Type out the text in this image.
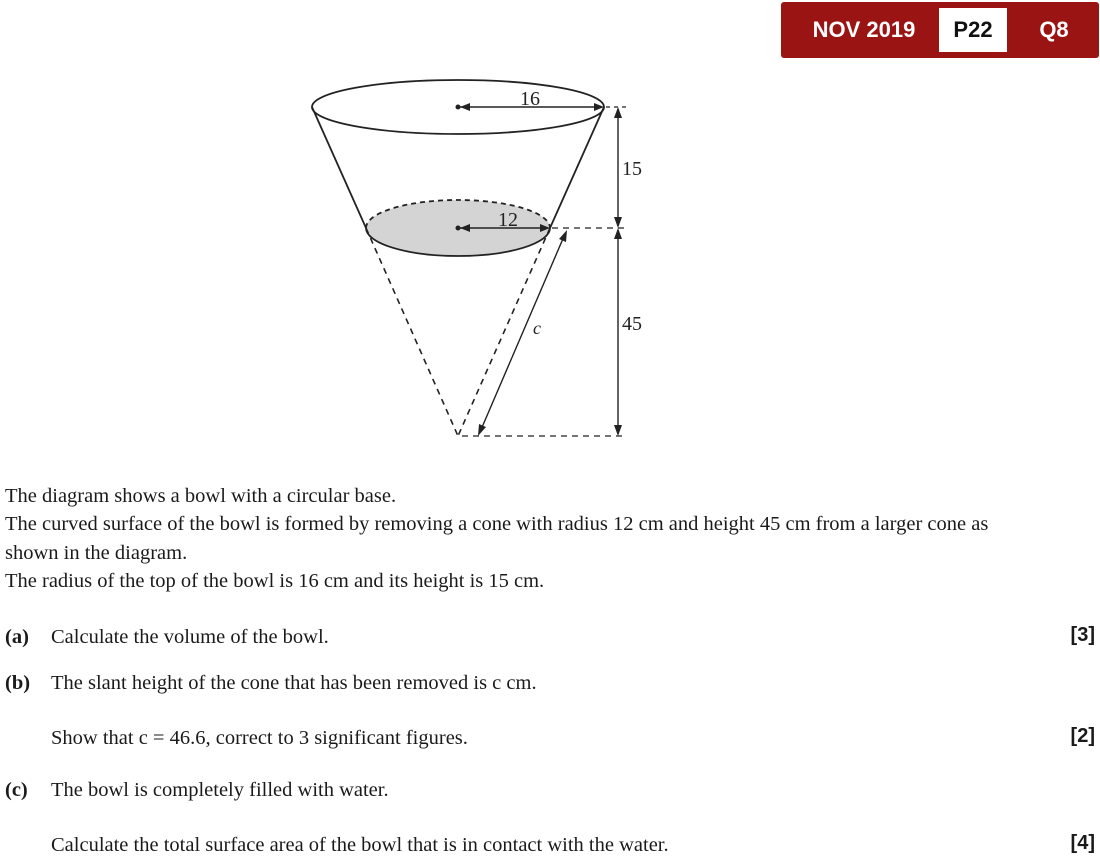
NOV 2019	P22	Q8
16
12
15
45
c
The diagram shows a bowl with a circular base.
The curved surface of the bowl is formed by removing a cone with radius 12 cm and height 45 cm from a larger cone as shown in the diagram.
The radius of the top of the bowl is 16 cm and its height is 15 cm.
(a) Calculate the volume of the bowl.	[3]
(b) The slant height of the cone that has been removed is c cm.
Show that c = 46.6, correct to 3 significant figures.	[2]
(c) The bowl is completely filled with water.
Calculate the total surface area of the bowl that is in contact with the water.	[4]
